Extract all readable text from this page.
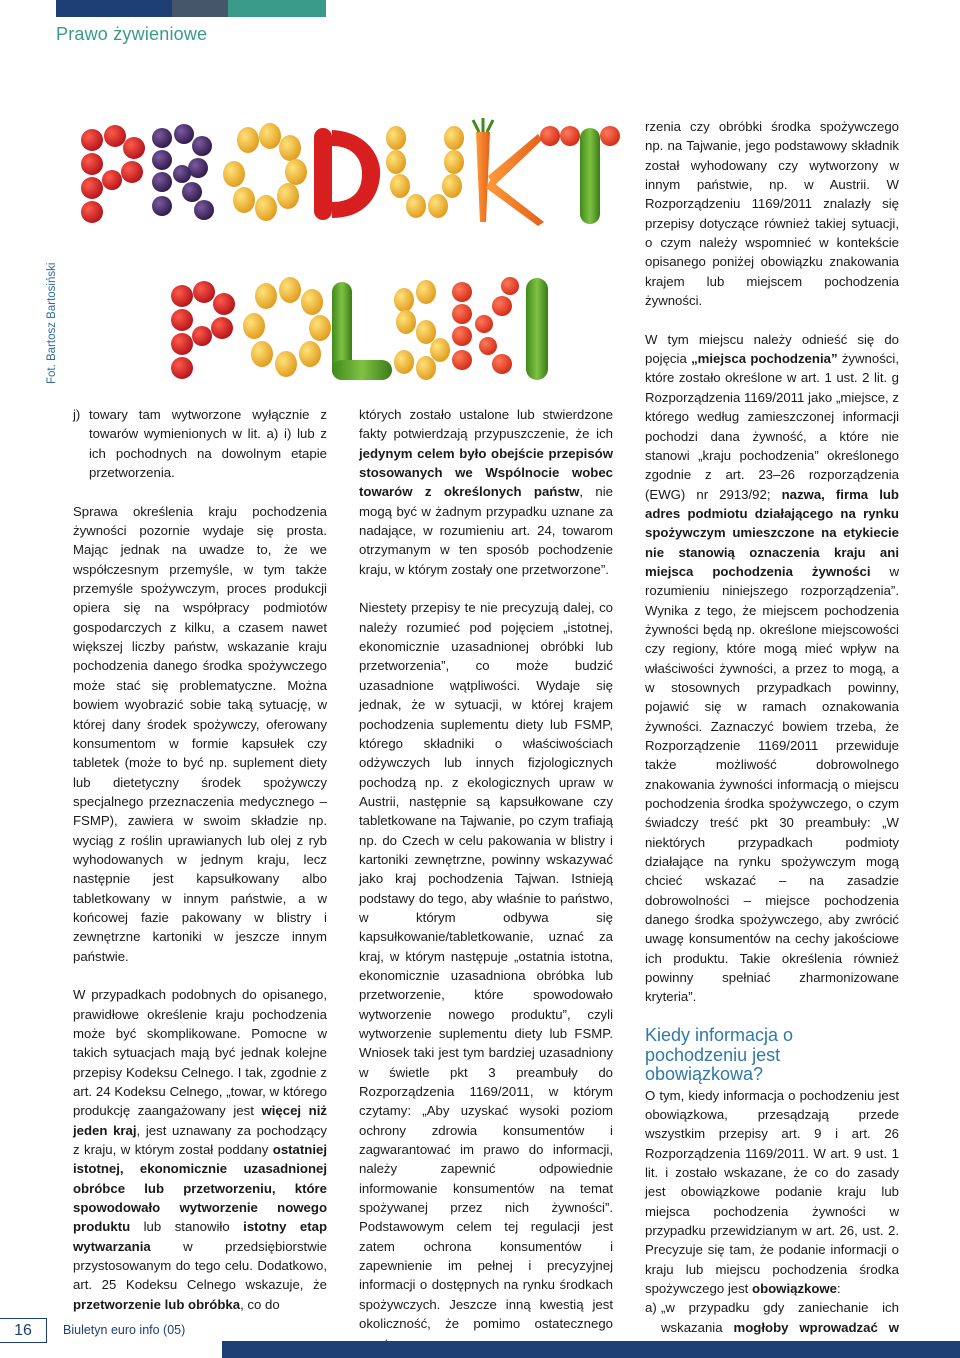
Prawo żywieniowe
Fot. Bartosz Bartosiński

j) towary tam wytworzone wyłącznie z towarów wymienionych w lit. a) i) lub z ich pochodnych na dowolnym etapie przetworzenia.

Sprawa określenia kraju pochodzenia żywności pozornie wydaje się prosta. Mając jednak na uwadze to, że we współczesnym przemyśle, w tym także przemyśle spożywczym, proces produkcji opiera się na współpracy podmiotów gospodarczych z kilku, a czasem nawet większej liczby państw, wskazanie kraju pochodzenia danego środka spożywczego może stać się problematyczne. Można bowiem wyobrazić sobie taką sytuację, w której dany środek spożywczy, oferowany konsumentom w formie kapsułek czy tabletek (może to być np. suplement diety lub dietetyczny środek spożywczy specjalnego przeznaczenia medycznego – FSMP), zawiera w swoim składzie np. wyciąg z roślin uprawianych lub olej z ryb wyhodowanych w jednym kraju, lecz następnie jest kapsułkowany albo tabletkowany w innym państwie, a w końcowej fazie pakowany w blistry i zewnętrzne kartoniki w jeszcze innym państwie.

W przypadkach podobnych do opisanego, prawidłowe określenie kraju pochodzenia może być skomplikowane. Pomocne w takich sytuacjach mają być jednak kolejne przepisy Kodeksu Celnego. I tak, zgodnie z art. 24 Kodeksu Celnego, „towar, w którego produkcję zaangażowany jest więcej niż jeden kraj, jest uznawany za pochodzący z kraju, w którym został poddany ostatniej istotnej, ekonomicznie uzasadnionej obróbce lub przetworzeniu, które spowodowało wytworzenie nowego produktu lub stanowiło istotny etap wytwarzania w przedsiębiorstwie przystosowanym do tego celu. Dodatkowo, art. 25 Kodeksu Celnego wskazuje, że przetworzenie lub obróbka, co do

których zostało ustalone lub stwierdzone fakty potwierdzają przypuszczenie, że ich jedynym celem było obejście przepisów stosowanych we Wspólnocie wobec towarów z określonych państw, nie mogą być w żadnym przypadku uznane za nadające, w rozumieniu art. 24, towarom otrzymanym w ten sposób pochodzenie kraju, w którym zostały one przetworzone”.

Niestety przepisy te nie precyzują dalej, co należy rozumieć pod pojęciem „istotnej, ekonomicznie uzasadnionej obróbki lub przetworzenia”, co może budzić uzasadnione wątpliwości. Wydaje się jednak, że w sytuacji, w której krajem pochodzenia suplementu diety lub FSMP, którego składniki o właściwościach odżywczych lub innych fizjologicznych pochodzą np. z ekologicznych upraw w Austrii, następnie są kapsułkowane czy tabletkowane na Tajwanie, po czym trafiają np. do Czech w celu pakowania w blistry i kartoniki zewnętrzne, powinny wskazywać jako kraj pochodzenia Tajwan. Istnieją podstawy do tego, aby właśnie to państwo, w którym odbywa się kapsułkowanie/tabletkowanie, uznać za kraj, w którym następuje „ostatnia istotna, ekonomicznie uzasadniona obróbka lub przetworzenie, które spowodowało wytworzenie nowego produktu”, czyli wytworzenie suplementu diety lub FSMP. Wniosek taki jest tym bardziej uzasadniony w świetle pkt 3 preambuły do Rozporządzenia 1169/2011, w którym czytamy: „Aby uzyskać wysoki poziom ochrony zdrowia konsumentów i zagwarantować im prawo do informacji, należy zapewnić odpowiednie informowanie konsumentów na temat spożywanej przez nich żywności”. Podstawowym celem tej regulacji jest zatem ochrona konsumentów i zapewnienie im pełnej i precyzyjnej informacji o dostępnych na rynku środkach spożywczych. Jeszcze inną kwestią jest okoliczność, że pomimo ostatecznego

rzenia czy obróbki środka spożywczego np. na Tajwanie, jego podstawowy składnik został wyhodowany czy wytworzony w innym państwie, np. w Austrii. W Rozporządzeniu 1169/2011 znalazły się przepisy dotyczące również takiej sytuacji, o czym należy wspomnieć w kontekście opisanego poniżej obowiązku znakowania krajem lub miejscem pochodzenia żywności.

W tym miejscu należy odnieść się do pojęcia „miejsca pochodzenia” żywności, które zostało określone w art. 1 ust. 2 lit. g Rozporządzenia 1169/2011 jako „miejsce, z którego według zamieszczonej informacji pochodzi dana żywność, a które nie stanowi „kraju pochodzenia” określonego zgodnie z art. 23–26 rozporządzenia (EWG) nr 2913/92; nazwa, firma lub adres podmiotu działającego na rynku spożywczym umieszczone na etykiecie nie stanowią oznaczenia kraju ani miejsca pochodzenia żywności w rozumieniu niniejszego rozporządzenia”. Wynika z tego, że miejscem pochodzenia żywności będą np. określone miejscowości czy regiony, które mogą mieć wpływ na właściwości żywności, a przez to mogą, a w stosownych przypadkach powinny, pojawić się w ramach oznakowania żywności. Zaznaczyć bowiem trzeba, że Rozporządzenie 1169/2011 przewiduje także możliwość dobrowolnego znakowania żywności informacją o miejscu pochodzenia środka spożywczego, o czym świadczy treść pkt 30 preambuły: „W niektórych przypadkach podmioty działające na rynku spożywczym mogą chcieć wskazać – na zasadzie dobrowolności – miejsce pochodzenia danego środka spożywczego, aby zwrócić uwagę konsumentów na cechy jakościowe ich produktu. Takie określenia również powinny spełniać zharmonizowane kryteria”.

Kiedy informacja o pochodzeniu jest obowiązkowa?

O tym, kiedy informacja o pochodzeniu jest obowiązkowa, przesądzają przede wszystkim przepisy art. 9 i art. 26 Rozporządzenia 1169/2011. W art. 9 ust. 1 lit. i zostało wskazane, że co do zasady jest obowiązkowe podanie kraju lub miejsca pochodzenia żywności w przypadku przewidzianym w art. 26, ust. 2. Precyzuje się tam, że podanie informacji o kraju lub miejscu pochodzenia środka spożywczego jest obowiązkowe:

a) „w przypadku gdy zaniechanie ich wskazania mogłoby wprowadzać w

16	Biuletyn euro info (05)
